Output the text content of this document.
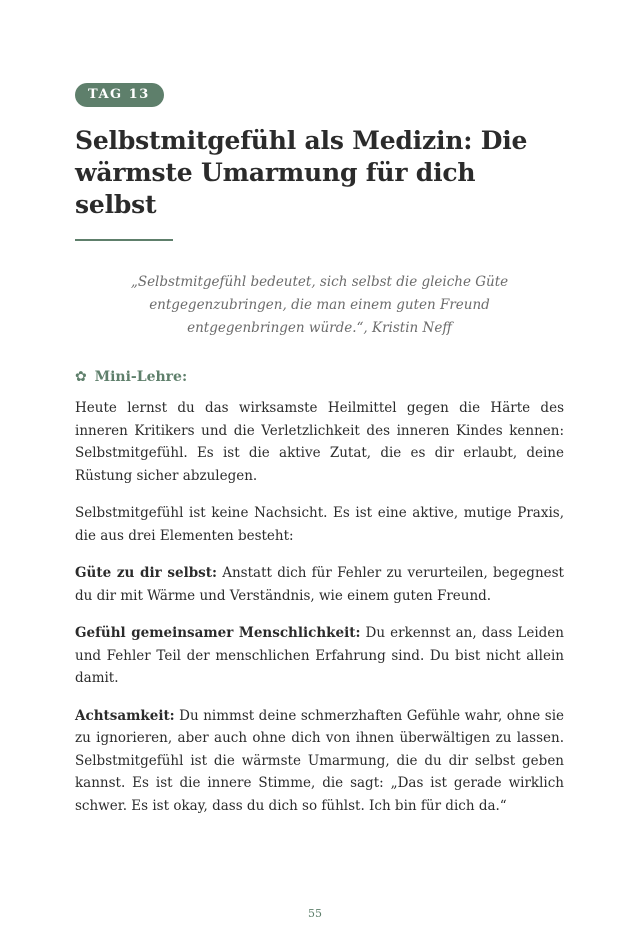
TAG 13
Selbstmitgefühl als Medizin: Die wärmste Umarmung für dich selbst
„Selbstmitgefühl bedeutet, sich selbst die gleiche Güte entgegenzubringen, die man einem guten Freund entgegenbringen würde.“, Kristin Neff
✿ Mini-Lehre:

Heute lernst du das wirksamste Heilmittel gegen die Härte des inneren Kritikers und die Verletzlichkeit des inneren Kindes kennen: Selbstmitgefühl. Es ist die aktive Zutat, die es dir erlaubt, deine Rüstung sicher abzulegen.

Selbstmitgefühl ist keine Nachsicht. Es ist eine aktive, mutige Praxis, die aus drei Elementen besteht:

Güte zu dir selbst: Anstatt dich für Fehler zu verurteilen, begegnest du dir mit Wärme und Verständnis, wie einem guten Freund.

Gefühl gemeinsamer Menschlichkeit: Du erkennst an, dass Leiden und Fehler Teil der menschlichen Erfahrung sind. Du bist nicht allein damit.

Achtsamkeit: Du nimmst deine schmerzhaften Gefühle wahr, ohne sie zu ignorieren, aber auch ohne dich von ihnen überwältigen zu lassen. Selbstmitgefühl ist die wärmste Umarmung, die du dir selbst geben kannst. Es ist die innere Stimme, die sagt: „Das ist gerade wirklich schwer. Es ist okay, dass du dich so fühlst. Ich bin für dich da.“

55
